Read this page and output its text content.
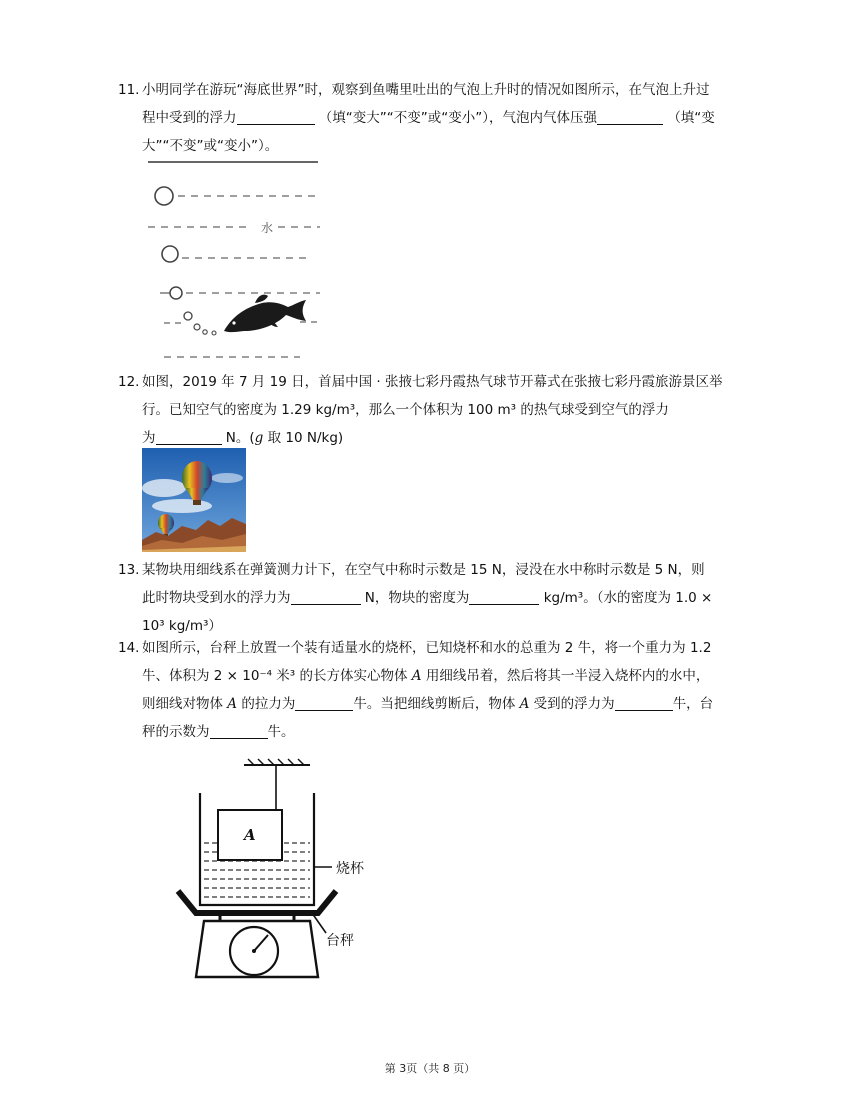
11. 小明同学在游玩“海底世界”时，观察到鱼嘴里吐出的气泡上升时的情况如图所示，在气泡上升过
程中受到的浮力	（填“变大”“不变”或“变小”），气泡内气体压强	（填“变
大”“不变”或“变小”）。
水
12. 如图，2019 年 7 月 19 日，首届中国 · 张掖七彩丹霞热气球节开幕式在张掖七彩丹霞旅游景区举
行。已知空气的密度为 1.29 kg/m³，那么一个体积为 100 m³ 的热气球受到空气的浮力
为	N。(g 取 10 N/kg)
13. 某物块用细线系在弹簧测力计下，在空气中称时示数是 15 N，浸没在水中称时示数是 5 N，则
此时物块受到水的浮力为	N，物块的密度为	kg/m³。（水的密度为 1.0 ×
10³ kg/m³）
14. 如图所示，台秤上放置一个装有适量水的烧杯，已知烧杯和水的总重为 2 牛，将一个重力为 1.2
牛、体积为 2 × 10⁻⁴ 米³ 的长方体实心物体 A 用细线吊着，然后将其一半浸入烧杯内的水中，
则细线对物体 A 的拉力为	牛。当把细线剪断后，物体 A 受到的浮力为	牛，台
秤的示数为	牛。
A
烧杯
台秤
第 3页（共 8 页）
